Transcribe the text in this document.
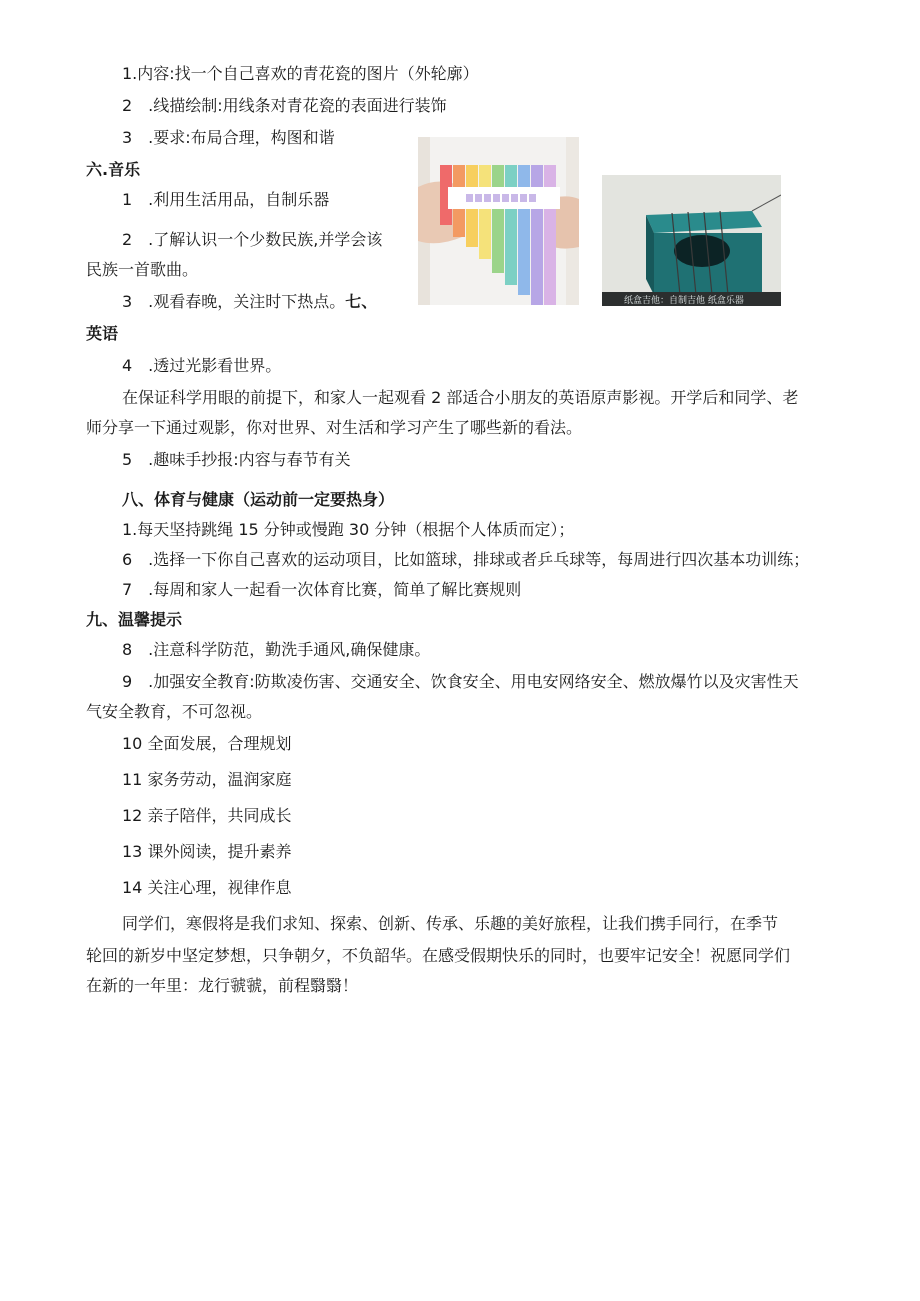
1.内容:找一个自己喜欢的青花瓷的图片（外轮廓）
2 .线描绘制:用线条对青花瓷的表面进行装饰
3 .要求:布局合理，构图和谐
六.音乐
1 .利用生活用品，自制乐器
2 .了解认识一个少数民族,并学会该
民族一首歌曲。
3 .观看春晚，关注时下热点。七、
英语
纸盒吉他：自制吉他 纸盒乐器
4 .透过光影看世界。
在保证科学用眼的前提下，和家人一起观看 2 部适合小朋友的英语原声影视。开学后和同学、老
师分享一下通过观影，你对世界、对生活和学习产生了哪些新的看法。
5 .趣味手抄报:内容与春节有关
八、体育与健康（运动前一定要热身）
1.每天坚持跳绳 15 分钟或慢跑 30 分钟（根据个人体质而定）；
6 .选择一下你自己喜欢的运动项目，比如篮球，排球或者乒乓球等，每周进行四次基本功训练；
7 .每周和家人一起看一次体育比赛，简单了解比赛规则
九、温馨提示
8 .注意科学防范，勤洗手通风,确保健康。
9 .加强安全教育:防欺凌伤害、交通安全、饮食安全、用电安网络安全、燃放爆竹以及灾害性天
气安全教育，不可忽视。
10 全面发展，合理规划
11 家务劳动，温润家庭
12 亲子陪伴，共同成长
13 课外阅读，提升素养
14 关注心理，视律作息
同学们，寒假将是我们求知、探索、创新、传承、乐趣的美好旅程，让我们携手同行，在季节
轮回的新岁中坚定梦想，只争朝夕，不负韶华。在感受假期快乐的同时，也要牢记安全！祝愿同学们
在新的一年里：龙行虢虢，前程翳翳！
